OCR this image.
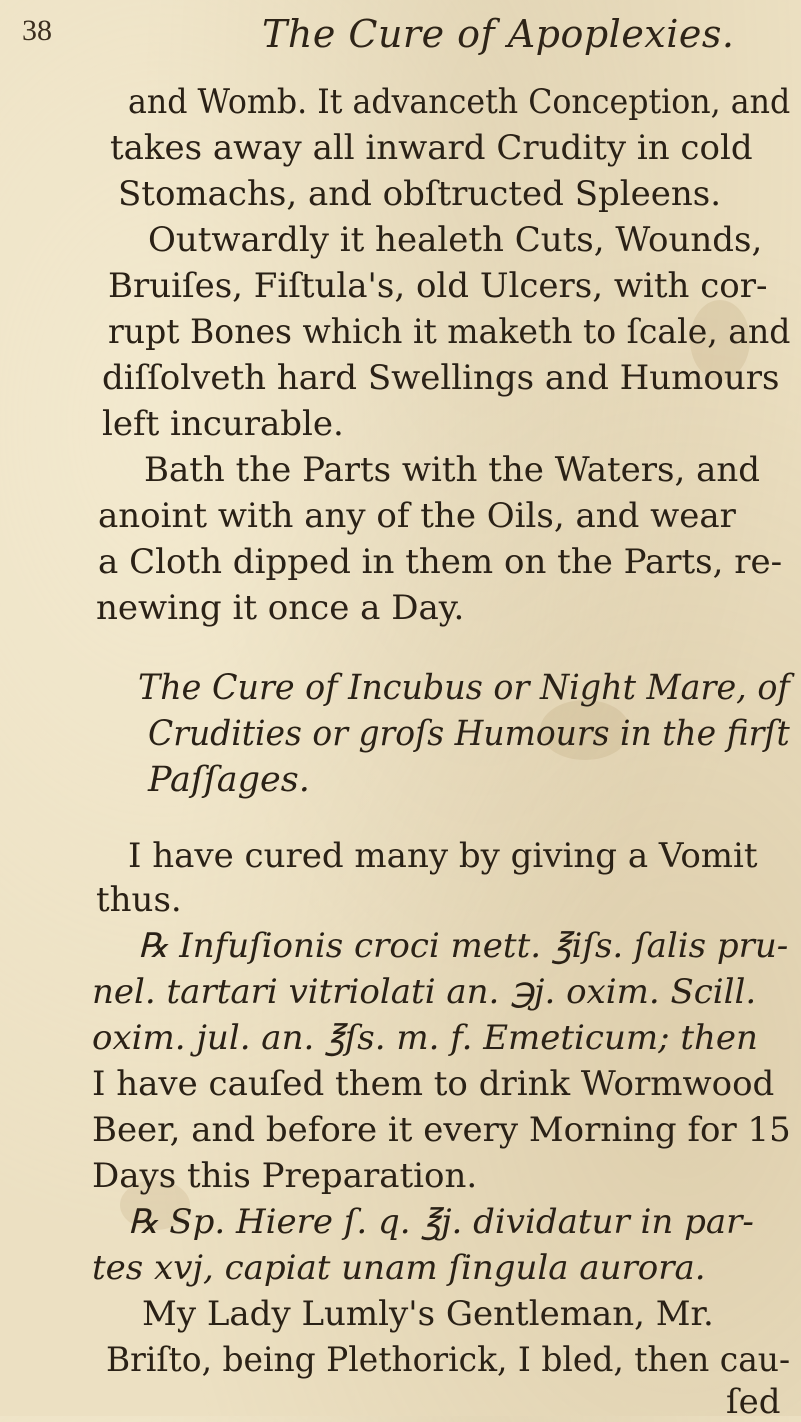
38	The Cure of Apoplexies.
and Womb. It advanceth Conception, and
takes away all inward Crudity in cold
Stomachs, and obſtructed Spleens.
Outwardly it healeth Cuts, Wounds,
Bruiſes, Fiſtula's, old Ulcers, with cor-
rupt Bones which it maketh to ſcale, and
diſſolveth hard Swellings and Humours
left incurable.
Bath the Parts with the Waters, and
anoint with any of the Oils, and wear
a Cloth dipped in them on the Parts, re-
newing it once a Day.
The Cure of Incubus or Night Mare, of
Crudities or groſs Humours in the firſt
Paſſages.
I have cured many by giving a Vomit
thus.
℞ Infuſionis croci mett. ℥iſs. ſalis pru-
nel. tartari vitriolati an. ℈j. oxim. Scill.
oxim. jul. an. ℥ſs. m. f. Emeticum; then
I have cauſed them to drink Wormwood
Beer, and before it every Morning for 15
Days this Preparation.
℞ Sp. Hiere ſ. q. ℥j. dividatur in par-
tes xvj, capiat unam ſingula aurora.
My Lady Lumly's Gentleman, Mr.
Briſto, being Plethorick, I bled, then cau-
ſed
